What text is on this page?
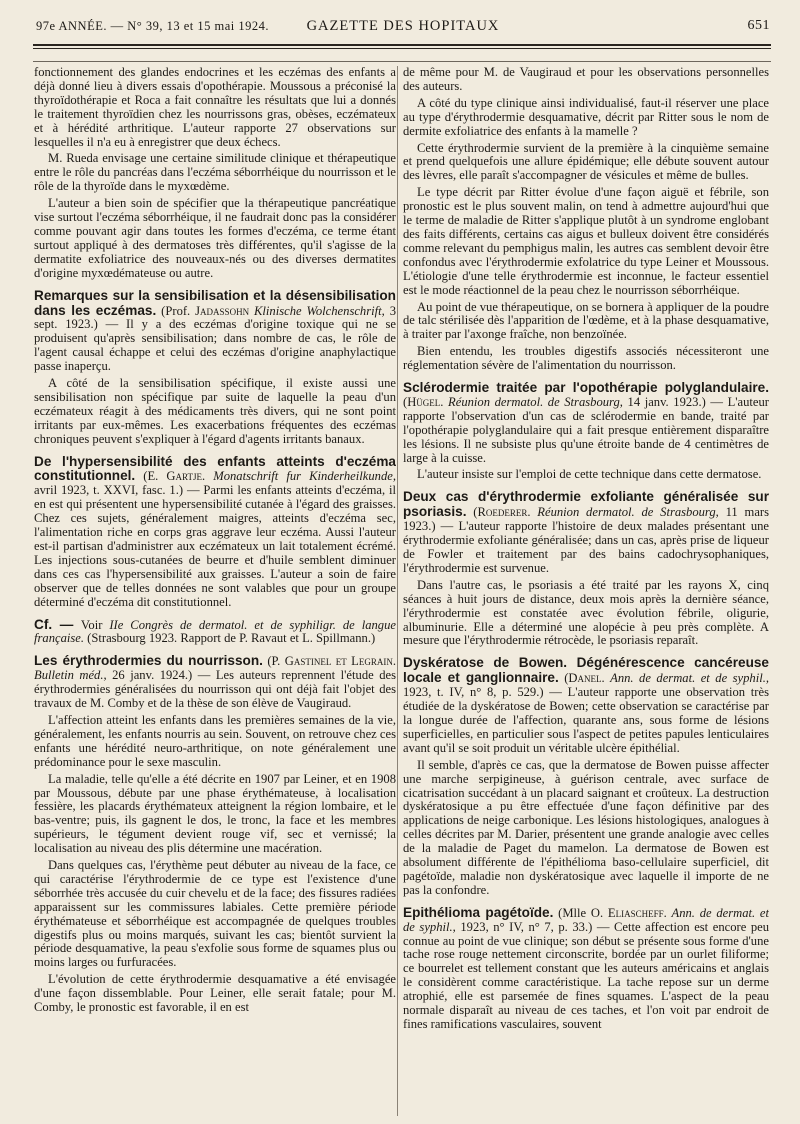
97e ANNÉE. — N° 39, 13 et 15 mai 1924.	GAZETTE DES HOPITAUX	651

fonctionnement des glandes endocrines et les eczémas des enfants a déjà donné lieu à divers essais d'opothérapie. Moussous a préconisé la thyroïdothérapie et Roca a fait connaître les résultats que lui a donnés le traitement thyroïdien chez les nourrissons gras, obèses, eczémateux et à hérédité arthritique. L'auteur rapporte 27 observations sur lesquelles il n'a eu à enregistrer que deux échecs.

M. Rueda envisage une certaine similitude clinique et thérapeutique entre le rôle du pancréas dans l'eczéma séborrhéique du nourrisson et le rôle de la thyroïde dans le myxœdème.

L'auteur a bien soin de spécifier que la thérapeutique pancréatique vise surtout l'eczéma séborrhéique, il ne faudrait donc pas la considérer comme pouvant agir dans toutes les formes d'eczéma, ce terme étant surtout appliqué à des dermatoses très différentes, qu'il s'agisse de la dermatite exfoliatrice des nouveaux-nés ou des diverses dermatites d'origine myxœdémateuse ou autre.

Remarques sur la sensibilisation et la désensibilisation dans les eczémas. (Prof. Jadassohn Klinische Wolchenschrift, 3 sept. 1923.) — Il y a des eczémas d'origine toxique qui ne se produisent qu'après sensibilisation; dans nombre de cas, le rôle de l'agent causal échappe et celui des eczémas d'origine anaphylactique passe inaperçu.

A côté de la sensibilisation spécifique, il existe aussi une sensibilisation non spécifique par suite de laquelle la peau d'un eczémateux réagit à des médicaments très divers, qui ne sont point irritants par eux-mêmes. Les exacerbations fréquentes des eczémas chroniques peuvent s'expliquer à l'égard d'agents irritants banaux.

De l'hypersensibilité des enfants atteints d'eczéma constitutionnel. (E. Gartje. Monatschrift fur Kinderheilkunde, avril 1923, t. XXVI, fasc. 1.) — Parmi les enfants atteints d'eczéma, il en est qui présentent une hypersensibilité cutanée à l'égard des graisses. Chez ces sujets, généralement maigres, atteints d'eczéma sec, l'alimentation riche en corps gras aggrave leur eczéma. Aussi l'auteur est-il partisan d'administrer aux eczémateux un lait totalement écrémé. Les injections sous-cutanées de beurre et d'huile semblent diminuer dans ces cas l'hypersensibilité aux graisses. L'auteur a soin de faire observer que de telles données ne sont valables que pour un groupe déterminé d'eczéma dit constitutionnel.

Cf. — Voir IIe Congrès de dermatol. et de syphiligr. de langue française. (Strasbourg 1923. Rapport de P. Ravaut et L. Spillmann.)

Les érythrodermies du nourrisson. (P. Gastinel et Legrain. Bulletin méd., 26 janv. 1924.) — Les auteurs reprennent l'étude des érythrodermies généralisées du nourrisson qui ont déjà fait l'objet des travaux de M. Comby et de la thèse de son élève de Vaugiraud.

L'affection atteint les enfants dans les premières semaines de la vie, généralement, les enfants nourris au sein. Souvent, on retrouve chez ces enfants une hérédité neuro-arthritique, on note généralement une prédominance pour le sexe masculin.

La maladie, telle qu'elle a été décrite en 1907 par Leiner, et en 1908 par Moussous, débute par une phase érythémateuse, à localisation fessière, les placards érythémateux atteignent la région lombaire, et le bas-ventre; puis, ils gagnent le dos, le tronc, la face et les membres supérieurs, le tégument devient rouge vif, sec et vernissé; la localisation au niveau des plis détermine une macération.

Dans quelques cas, l'érythème peut débuter au niveau de la face, ce qui caractérise l'érythrodermie de ce type est l'existence d'une séborrhée très accusée du cuir chevelu et de la face; des fissures radiées apparaissent sur les commissures labiales. Cette première période érythémateuse et séborrhéique est accompagnée de quelques troubles digestifs plus ou moins marqués, suivant les cas; bientôt survient la période desquamative, la peau s'exfolie sous forme de squames plus ou moins larges ou furfuracées.

L'évolution de cette érythrodermie desquamative a été envisagée d'une façon dissemblable. Pour Leiner, elle serait fatale; pour M. Comby, le pronostic est favorable, il en est

de même pour M. de Vaugiraud et pour les observations personnelles des auteurs.

A côté du type clinique ainsi individualisé, faut-il réserver une place au type d'érythrodermie desquamative, décrit par Ritter sous le nom de dermite exfoliatrice des enfants à la mamelle ?

Cette érythrodermie survient de la première à la cinquième semaine et prend quelquefois une allure épidémique; elle débute souvent autour des lèvres, elle paraît s'accompagner de vésicules et même de bulles.

Le type décrit par Ritter évolue d'une façon aiguë et fébrile, son pronostic est le plus souvent malin, on tend à admettre aujourd'hui que le terme de maladie de Ritter s'applique plutôt à un syndrome englobant des faits différents, certains cas aigus et bulleux doivent être considérés comme relevant du pemphigus malin, les autres cas semblent devoir être confondus avec l'érythrodermie exfolatrice du type Leiner et Moussous. L'étiologie d'une telle érythrodermie est inconnue, le facteur essentiel est le mode réactionnel de la peau chez le nourrisson séborrhéique.

Au point de vue thérapeutique, on se bornera à appliquer de la poudre de talc stérilisée dès l'apparition de l'œdème, et à la phase desquamative, à traiter par l'axonge fraîche, non benzoïnée.

Bien entendu, les troubles digestifs associés nécessiteront une réglementation sévère de l'alimentation du nourrisson.

Sclérodermie traitée par l'opothérapie polyglandulaire. (Hügel. Réunion dermatol. de Strasbourg, 14 janv. 1923.) — L'auteur rapporte l'observation d'un cas de sclérodermie en bande, traité par l'opothérapie polyglandulaire qui a fait presque entièrement disparaître les lésions. Il ne subsiste plus qu'une étroite bande de 4 centimètres de large à la cuisse.

L'auteur insiste sur l'emploi de cette technique dans cette dermatose.

Deux cas d'érythrodermie exfoliante généralisée sur psoriasis. (Roederer. Réunion dermatol. de Strasbourg, 11 mars 1923.) — L'auteur rapporte l'histoire de deux malades présentant une érythrodermie exfoliante généralisée; dans un cas, après prise de liqueur de Fowler et traitement par des bains cadochrysophaniques, l'érythrodermie est survenue.

Dans l'autre cas, le psoriasis a été traité par les rayons X, cinq séances à huit jours de distance, deux mois après la dernière séance, l'érythrodermie est constatée avec évolution fébrile, oligurie, albuminurie. Elle a déterminé une alopécie à peu près complète. A mesure que l'érythrodermie rétrocède, le psoriasis reparaît.

Dyskératose de Bowen. Dégénérescence cancéreuse locale et ganglionnaire. (Danel. Ann. de dermat. et de syphil., 1923, t. IV, n° 8, p. 529.) — L'auteur rapporte une observation très étudiée de la dyskératose de Bowen; cette observation se caractérise par la longue durée de l'affection, quarante ans, sous forme de lésions superficielles, en particulier sous l'aspect de petites papules lenticulaires avant qu'il se soit produit un véritable ulcère épithélial.

Il semble, d'après ce cas, que la dermatose de Bowen puisse affecter une marche serpigineuse, à guérison centrale, avec surface de cicatrisation succédant à un placard saignant et croûteux. La destruction dyskératosique a pu être effectuée d'une façon définitive par des applications de neige carbonique. Les lésions histologiques, analogues à celles décrites par M. Darier, présentent une grande analogie avec celles de la maladie de Paget du mamelon. La dermatose de Bowen est absolument différente de l'épithélioma baso-cellulaire superficiel, dit pagétoïde, maladie non dyskératosique avec laquelle il importe de ne pas la confondre.

Epithélioma pagétoïde. (Mlle O. Eliascheff. Ann. de dermat. et de syphil., 1923, n° IV, n° 7, p. 33.) — Cette affection est encore peu connue au point de vue clinique; son début se présente sous forme d'une tache rose rouge nettement circonscrite, bordée par un ourlet filiforme; ce bourrelet est tellement constant que les auteurs américains et anglais le considèrent comme caractéristique. La tache repose sur un derme atrophié, elle est parsemée de fines squames. L'aspect de la peau normale disparaît au niveau de ces taches, et l'on voit par endroit de fines ramifications vasculaires, souvent
